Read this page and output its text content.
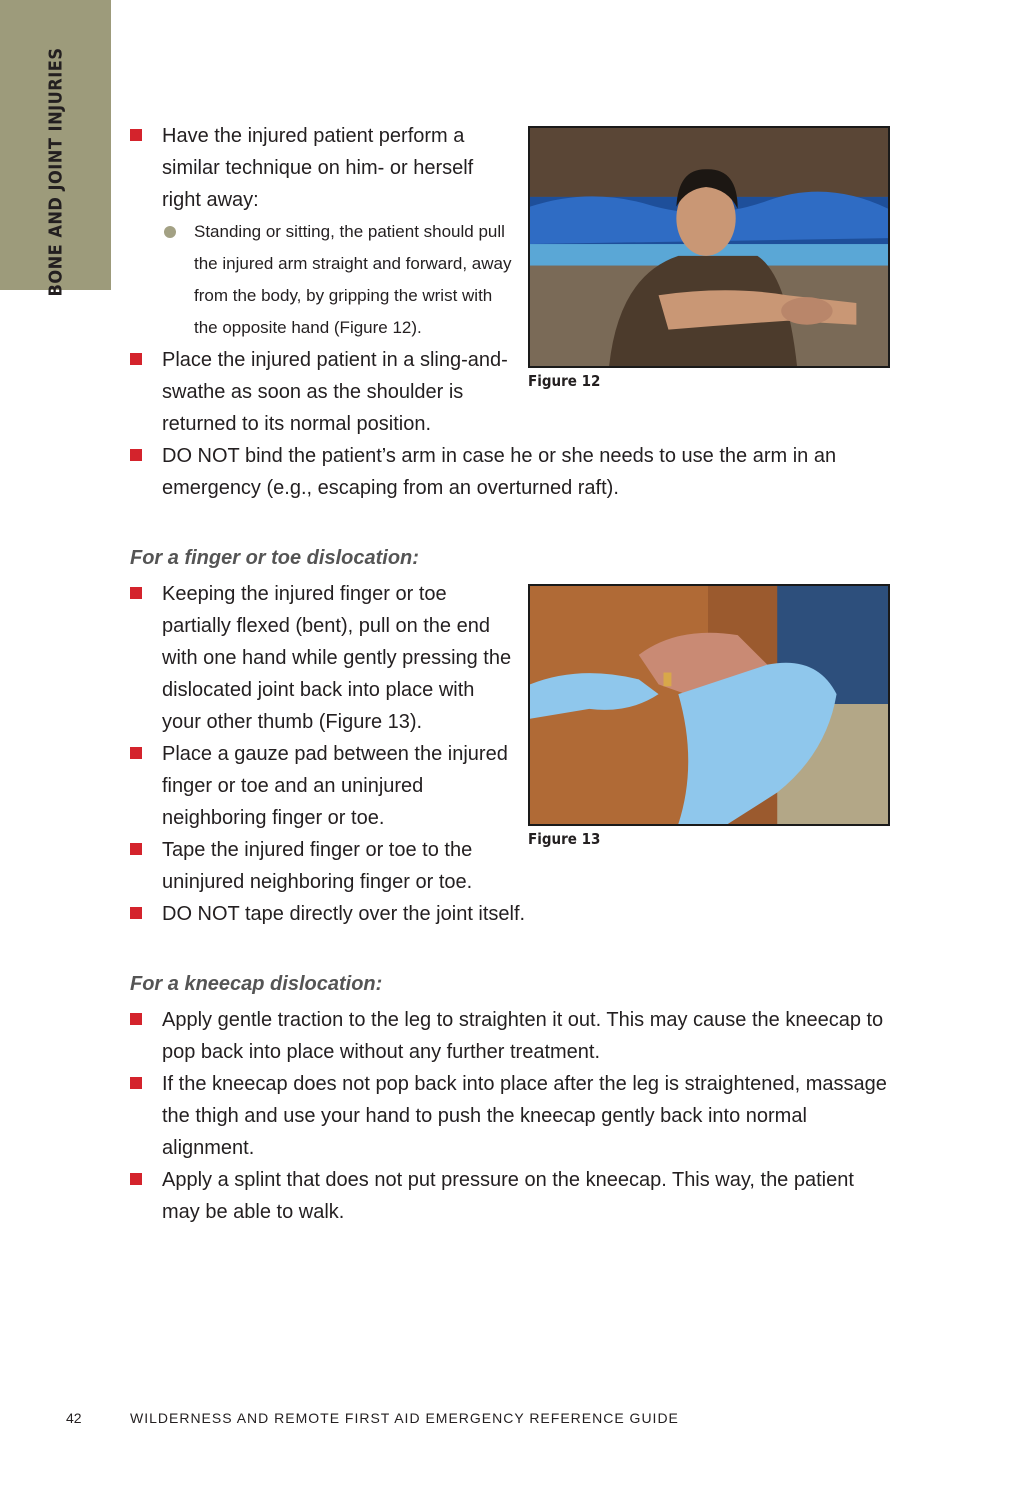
BONE AND JOINT INJURIES
Figure 12
Have the injured patient perform a similar technique on him- or herself right away:
Standing or sitting, the patient should pull the injured arm straight and forward, away from the body, by gripping the wrist with the opposite hand (Figure 12).
Place the injured patient in a sling-and-swathe as soon as the shoulder is returned to its normal position.
DO NOT bind the patient’s arm in case he or she needs to use the arm in an emergency (e.g., escaping from an overturned raft).
For a finger or toe dislocation:
Figure 13
Keeping the injured finger or toe partially flexed (bent), pull on the end with one hand while gently pressing the dislocated joint back into place with your other thumb (Figure 13).
Place a gauze pad between the injured finger or toe and an uninjured neighboring finger or toe.
Tape the injured finger or toe to the uninjured neighboring finger or toe.
DO NOT tape directly over the joint itself.
For a kneecap dislocation:
Apply gentle traction to the leg to straighten it out. This may cause the kneecap to pop back into place without any further treatment.
If the kneecap does not pop back into place after the leg is straightened, massage the thigh and use your hand to push the kneecap gently back into normal alignment.
Apply a splint that does not put pressure on the kneecap. This way, the patient may be able to walk.
42	WILDERNESS AND REMOTE FIRST AID EMERGENCY REFERENCE GUIDE
